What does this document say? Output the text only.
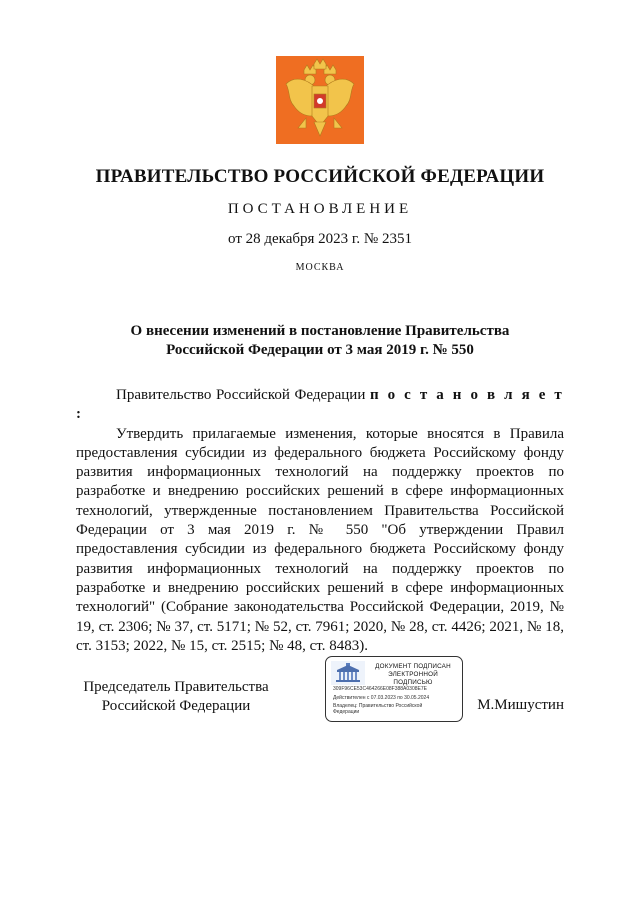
ПРАВИТЕЛЬСТВО РОССИЙСКОЙ ФЕДЕРАЦИИ
ПОСТАНОВЛЕНИЕ
от 28 декабря 2023 г. № 2351
МОСКВА
О внесении изменений в постановление Правительства
Российской Федерации от 3 мая 2019 г. № 550

Правительство Российской Федерации п о с т а н о в л я е т :

Утвердить прилагаемые изменения, которые вносятся в Правила предоставления субсидии из федерального бюджета Российскому фонду развития информационных технологий на поддержку проектов по разработке и внедрению российских решений в сфере информационных технологий, утвержденные постановлением Правительства Российской Федерации от 3 мая 2019 г. № 550 "Об утверждении Правил предоставления субсидии из федерального бюджета Российскому фонду развития информационных технологий на поддержку проектов по разработке и внедрению российских решений в сфере информационных технологий" (Собрание законодательства Российской Федерации, 2019, № 19, ст. 2306; № 37, ст. 5171; № 52, ст. 7961; 2020, № 28, ст. 4426; 2021, № 18, ст. 3153; 2022, № 15, ст. 2515; № 48, ст. 8483).

Председатель Правительства
Российской Федерации
ДОКУМЕНТ ПОДПИСАН
ЭЛЕКТРОННОЙ ПОДПИСЬЮ
309F96CE53C464266E08F388A0308E7E
Действителен с 07.03.2023 по 30.05.2024
Владелец: Правительство Российской
Федерации	М.Мишустин
